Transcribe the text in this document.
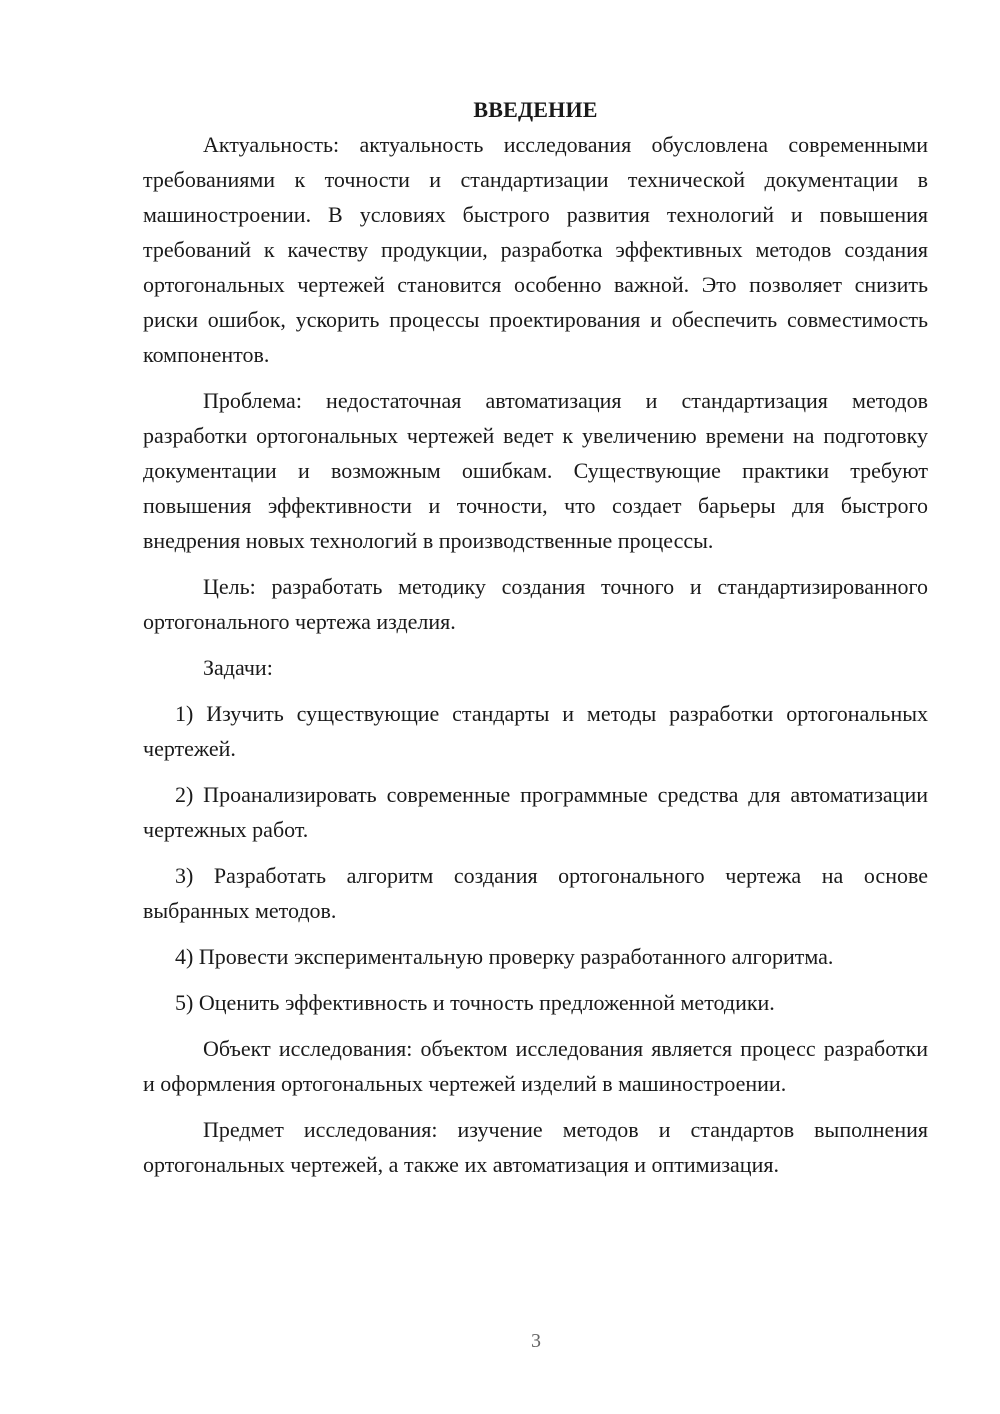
ВВЕДЕНИЕ

Актуальность: актуальность исследования обусловлена современными требованиями к точности и стандартизации технической документации в машиностроении. В условиях быстрого развития технологий и повышения требований к качеству продукции, разработка эффективных методов создания ортогональных чертежей становится особенно важной. Это позволяет снизить риски ошибок, ускорить процессы проектирования и обеспечить совместимость компонентов.

Проблема: недостаточная автоматизация и стандартизация методов разработки ортогональных чертежей ведет к увеличению времени на подготовку документации и возможным ошибкам. Существующие практики требуют повышения эффективности и точности, что создает барьеры для быстрого внедрения новых технологий в производственные процессы.

Цель: разработать методику создания точного и стандартизированного ортогонального чертежа изделия.

Задачи:

1) Изучить существующие стандарты и методы разработки ортогональных чертежей.

2) Проанализировать современные программные средства для автоматизации чертежных работ.

3) Разработать алгоритм создания ортогонального чертежа на основе выбранных методов.

4) Провести экспериментальную проверку разработанного алгоритма.

5) Оценить эффективность и точность предложенной методики.

Объект исследования: объектом исследования является процесс разработки и оформления ортогональных чертежей изделий в машиностроении.

Предмет исследования: изучение методов и стандартов выполнения ортогональных чертежей, а также их автоматизация и оптимизация.

3
